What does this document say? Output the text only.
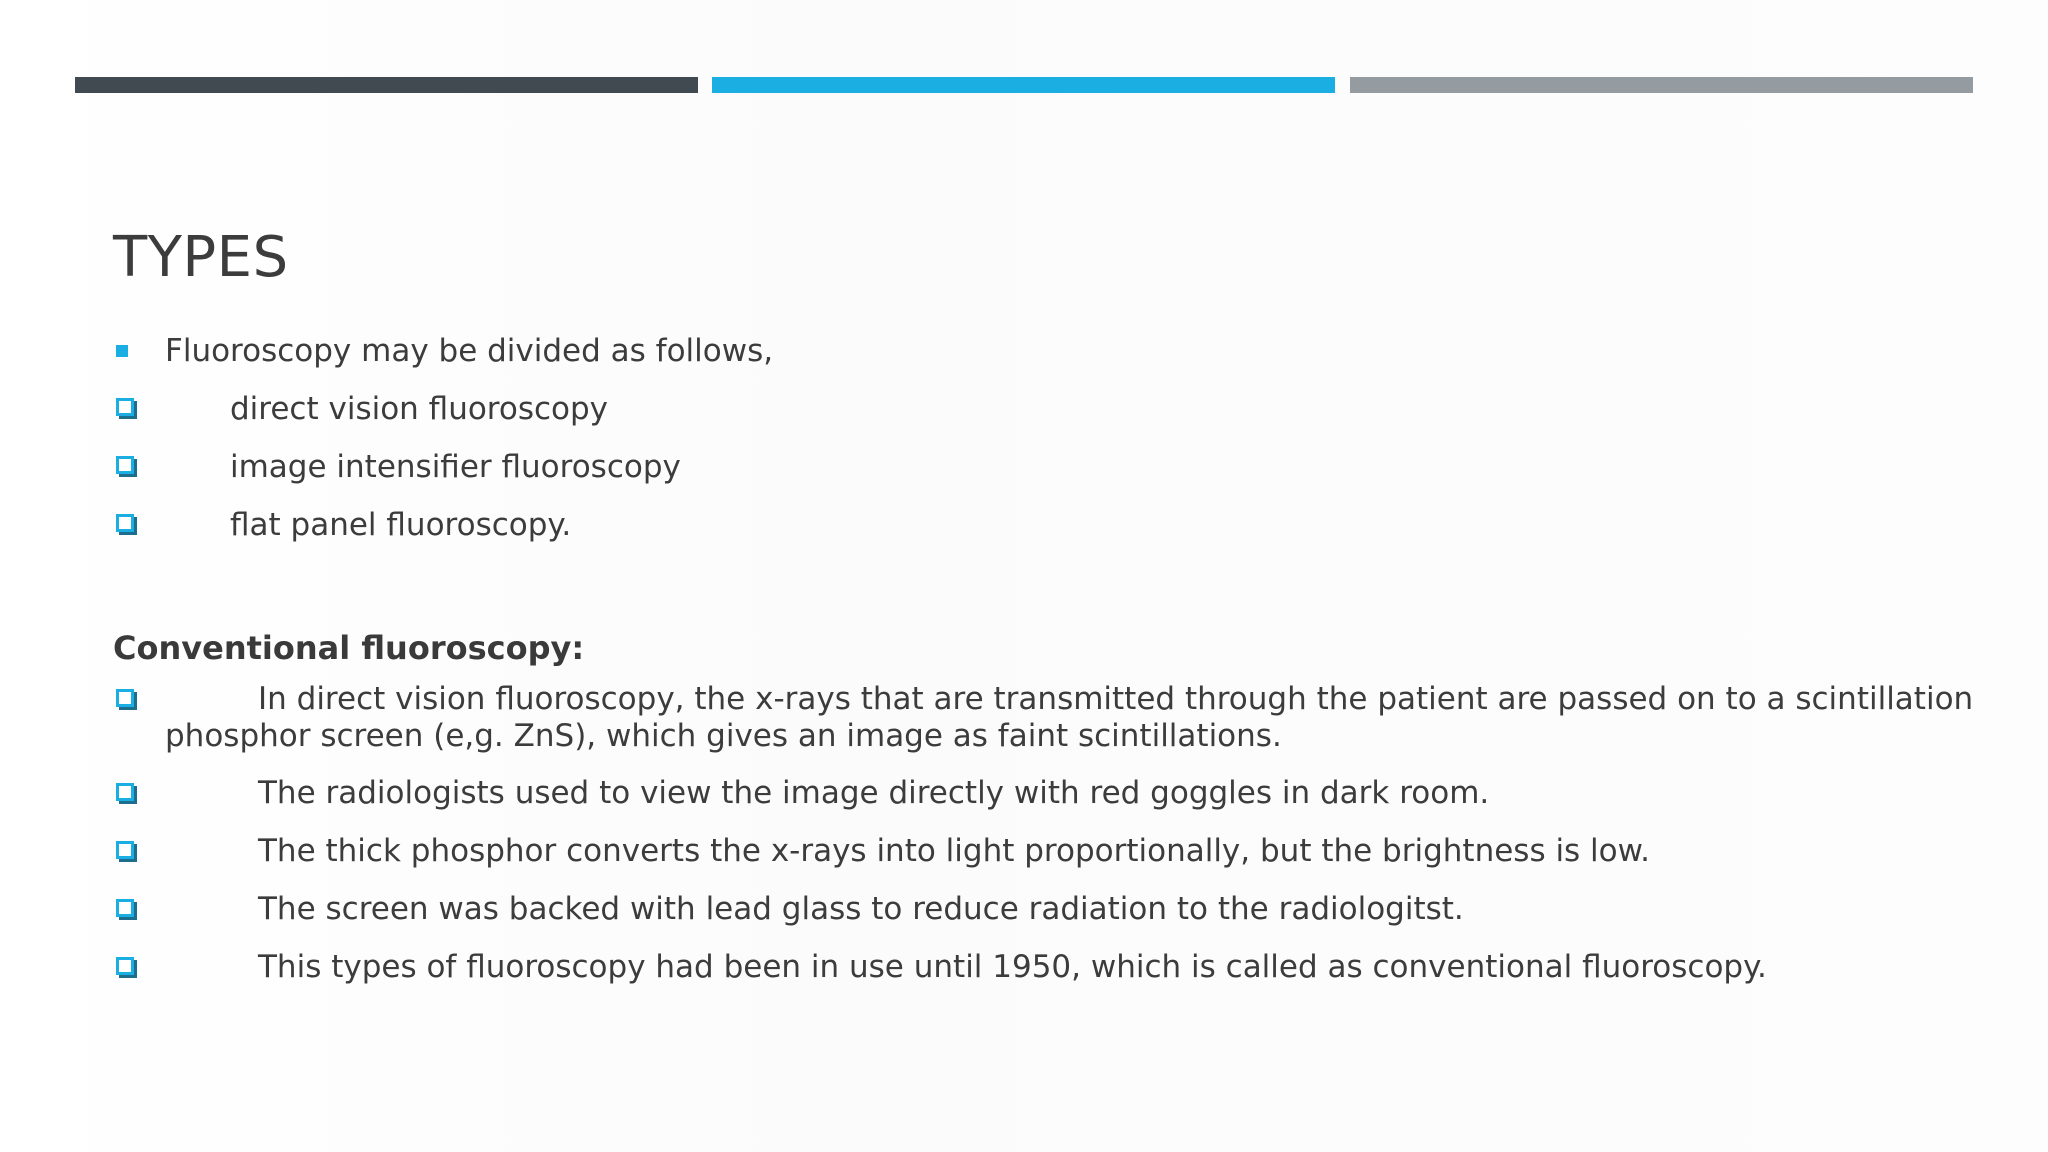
TYPES
Fluoroscopy may be divided as follows,
direct vision fluoroscopy
image intensifier fluoroscopy
flat panel fluoroscopy.
Conventional fluoroscopy:
In direct vision fluoroscopy, the x-rays that are transmitted through the patient are passed on to a scintillation
phosphor screen (e,g. ZnS), which gives an image as faint scintillations.
The radiologists used to view the image directly with red goggles in dark room.
The thick phosphor converts the x-rays into light proportionally, but the brightness is low.
The screen was backed with lead glass to reduce radiation to the radiologitst.
This types of fluoroscopy had been in use until 1950, which is called as conventional fluoroscopy.
